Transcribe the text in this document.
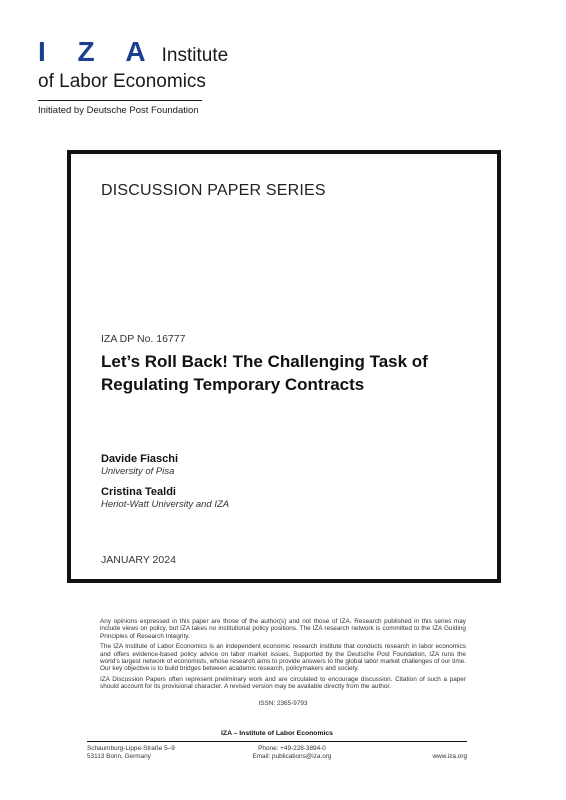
I Z A Institute
of Labor Economics
Initiated by Deutsche Post Foundation
DISCUSSION PAPER SERIES
IZA DP No. 16777
Let’s Roll Back! The Challenging Task of Regulating Temporary Contracts
Davide Fiaschi
University of Pisa
Cristina Tealdi
Heriot-Watt University and IZA
JANUARY 2024

Any opinions expressed in this paper are those of the author(s) and not those of IZA. Research published in this series may include views on policy, but IZA takes no institutional policy positions. The IZA research network is committed to the IZA Guiding Principles of Research Integrity.

The IZA Institute of Labor Economics is an independent economic research institute that conducts research in labor economics and offers evidence-based policy advice on labor market issues. Supported by the Deutsche Post Foundation, IZA runs the world’s largest network of economists, whose research aims to provide answers to the global labor market challenges of our time. Our key objective is to build bridges between academic research, policymakers and society.

IZA Discussion Papers often represent preliminary work and are circulated to encourage discussion. Citation of such a paper should account for its provisional character. A revised version may be available directly from the author.

ISSN: 2365-9793
IZA – Institute of Labor Economics
Schaumburg-Lippe-Straße 5–9
53113 Bonn, Germany
Phone: +49-228-3894-0
Email: publications@iza.org	www.iza.org
